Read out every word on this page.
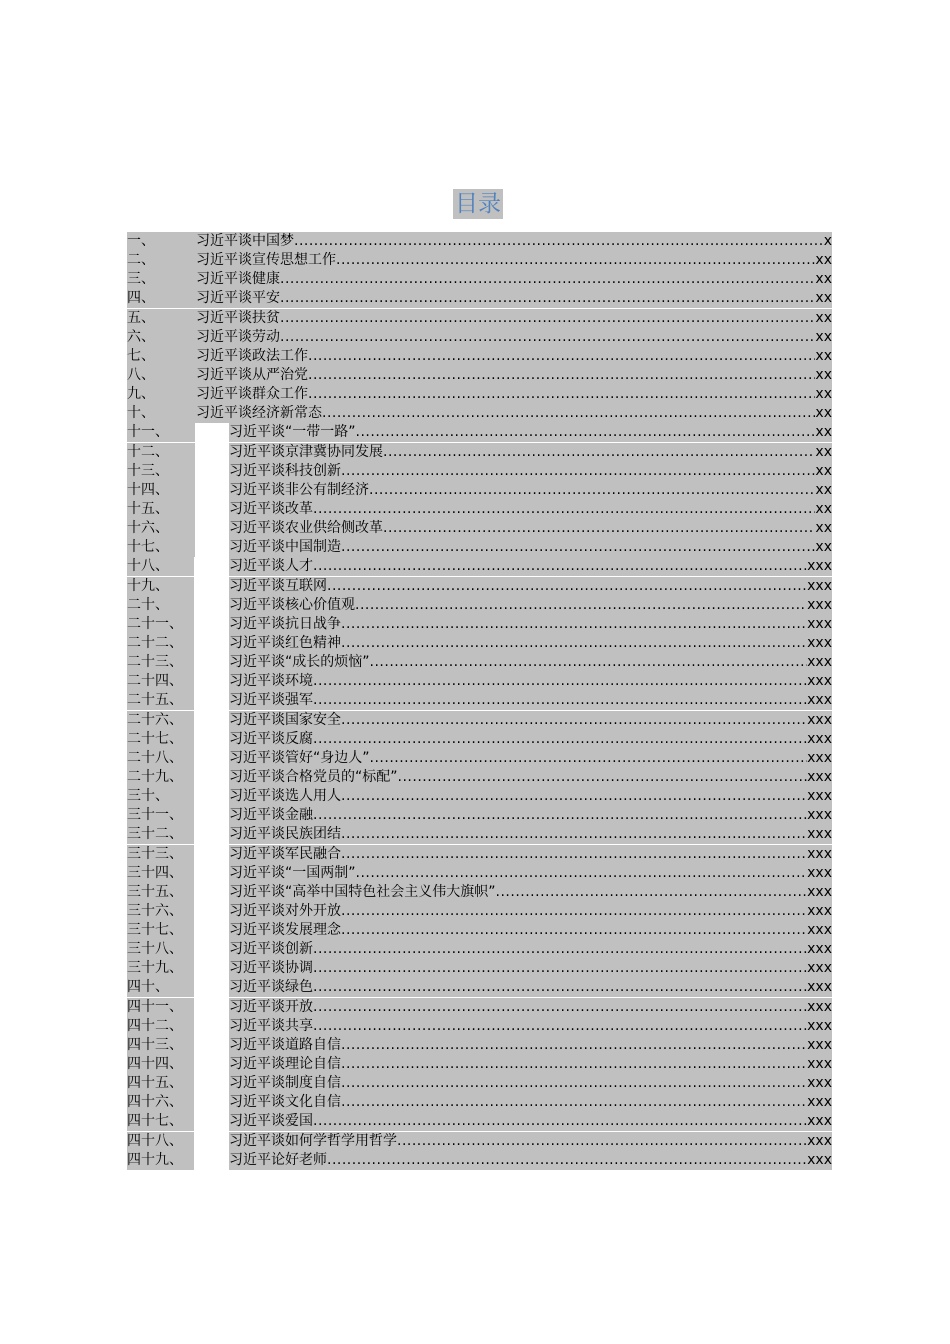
目录
一、	习近平谈中国梦 .....	x
二、	习近平谈宣传思想工作 .....	xx
三、	习近平谈健康 .....	xx
四、	习近平谈平安 .....	xx
五、	习近平谈扶贫 .....	xx
六、	习近平谈劳动 .....	xx
七、	习近平谈政法工作 .....	xx
八、	习近平谈从严治党 .....	xx
九、	习近平谈群众工作 .....	xx
十、	习近平谈经济新常态 .....	xx
十一、	习近平谈“一带一路” .....	xx
十二、	习近平谈京津冀协同发展 .....	xx
十三、	习近平谈科技创新 .....	xx
十四、	习近平谈非公有制经济 .....	xx
十五、	习近平谈改革 .....	xx
十六、	习近平谈农业供给侧改革 .....	xx
十七、	习近平谈中国制造 .....	xx
十八、	习近平谈人才 .....	xxx
十九、	习近平谈互联网 .....	xxx
二十、	习近平谈核心价值观 .....	xxx
二十一、	习近平谈抗日战争 .....	xxx
二十二、	习近平谈红色精神 .....	xxx
二十三、	习近平谈“成长的烦恼” .....	xxx
二十四、	习近平谈环境 .....	xxx
二十五、	习近平谈强军 .....	xxx
二十六、	习近平谈国家安全 .....	xxx
二十七、	习近平谈反腐 .....	xxx
二十八、	习近平谈管好“身边人” .....	xxx
二十九、	习近平谈合格党员的“标配” .....	xxx
三十、	习近平谈选人用人 .....	xxx
三十一、	习近平谈金融 .....	xxx
三十二、	习近平谈民族团结 .....	xxx
三十三、	习近平谈军民融合 .....	xxx
三十四、	习近平谈“一国两制” .....	xxx
三十五、	习近平谈“高举中国特色社会主义伟大旗帜” .....	xxx
三十六、	习近平谈对外开放 .....	xxx
三十七、	习近平谈发展理念 .....	xxx
三十八、	习近平谈创新 .....	xxx
三十九、	习近平谈协调 .....	xxx
四十、	习近平谈绿色 .....	xxx
四十一、	习近平谈开放 .....	xxx
四十二、	习近平谈共享 .....	xxx
四十三、	习近平谈道路自信 .....	xxx
四十四、	习近平谈理论自信 .....	xxx
四十五、	习近平谈制度自信 .....	xxx
四十六、	习近平谈文化自信 .....	xxx
四十七、	习近平谈爱国 .....	xxx
四十八、	习近平谈如何学哲学用哲学 .....	xxx
四十九、	习近平论好老师 .....	xxx
